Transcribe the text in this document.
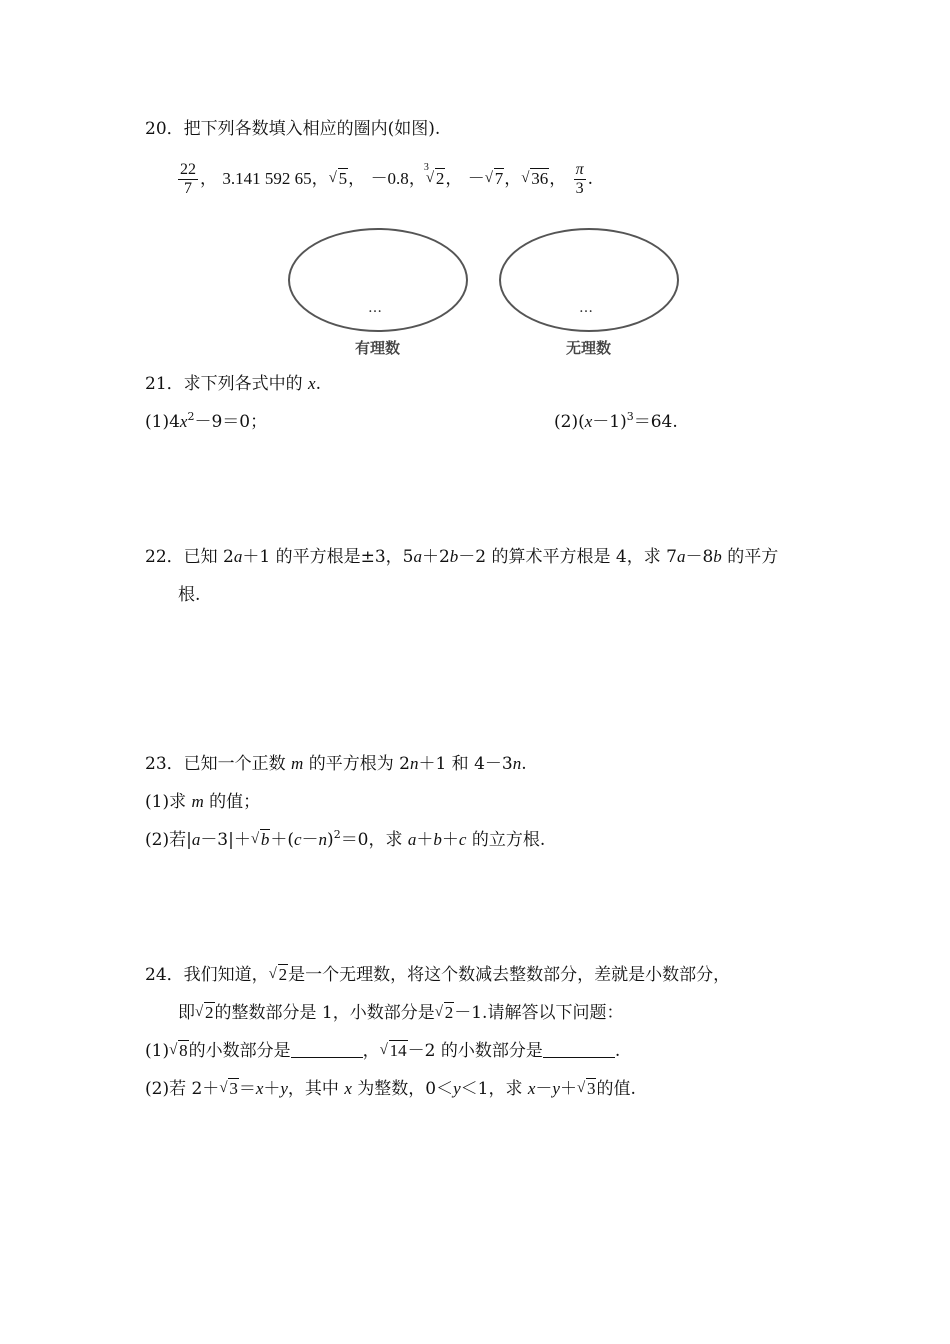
20．把下列各数填入相应的圈内(如图).
$\frac{22}{7}$ ， 3.141 592 65， √ 5， －0.8，
3
√ 2， － √ 7， √ 36， $\frac{\pi}{3}$ .
…
有理数
…
无理数
21．求下列各式中的 x.
$(1)4x^2-9=0$；	$(2)(x-1)^3=64$.
22．已知 2a＋1 的平方根是±3，5a＋2b－2 的算术平方根是 4，求 7a－8b 的平方
根.
23．已知一个正数 m 的平方根为 2n＋1 和 4－3n.
(1)求 m 的值；
(2)若|a－3|＋ √ $b+(c-n)^2=0$，求 a＋b＋c 的立方根.
24．我们知道， √ 2是一个无理数，将这个数减去整数部分，差就是小数部分，
即 √ 2的整数部分是 1，小数部分是 √ 2－1.请解答以下问题：
(1) √ 8的小数部分是	， √ 14－2 的小数部分是	.
(2)若 2＋ √ 3＝x＋y，其中 x 为整数，0＜y＜1，求 x－y＋ √ 3的值.
